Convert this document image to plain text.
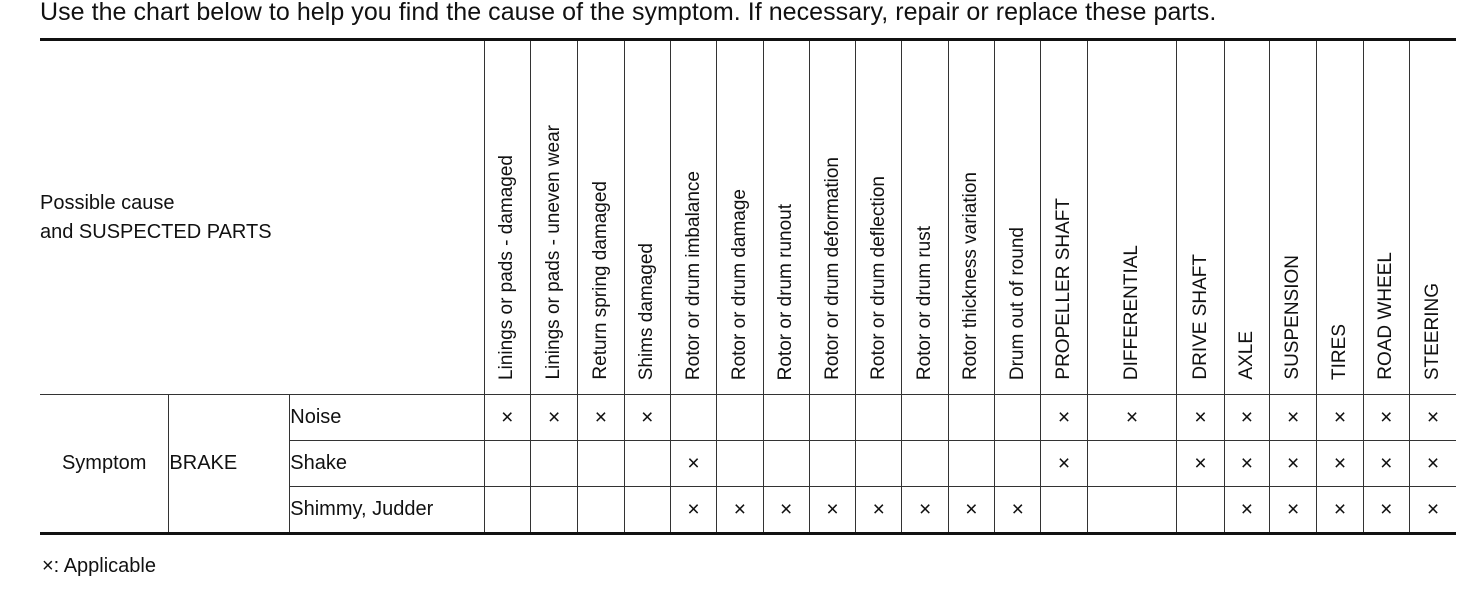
Use the chart below to help you find the cause of the symptom. If necessary, repair or replace these parts.
Possible cause
and SUSPECTED PARTS			Linings or pads - damaged	Linings or pads - uneven wear	Return spring damaged	Shims damaged	Rotor or drum imbalance	Rotor or drum damage	Rotor or drum runout	Rotor or drum deformation	Rotor or drum deflection	Rotor or drum rust	Rotor thickness variation	Drum out of round	PROPELLER SHAFT	DIFFERENTIAL	DRIVE SHAFT	AXLE	SUSPENSION	TIRES	ROAD WHEEL	STEERING

Symptom	BRAKE	Noise	×	×	×	×									×	×	×	×	×	×	×	×
		Shake					×								×		×	×	×	×	×	×
		Shimmy, Judder					×	×	×	×	×	×	×	×				×	×	×	×	×
×: Applicable
